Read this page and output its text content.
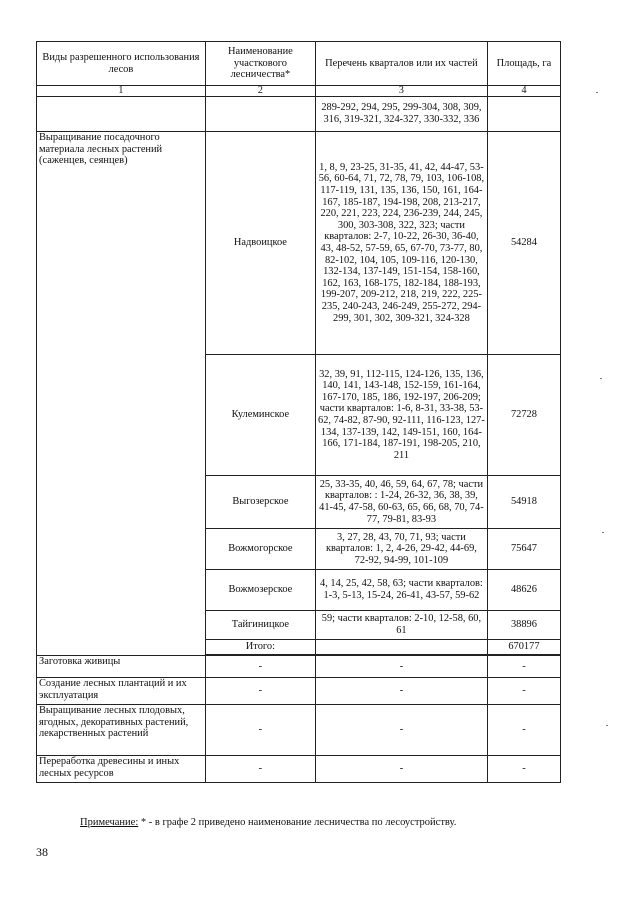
Виды разрешенного использования лесов	Наименование участкового лесничества*	Перечень кварталов или их частей	Площадь, га
1	2	3	4
		289-292, 294, 295, 299-304, 308, 309, 316, 319-321, 324-327, 330-332, 336	
Выращивание посадочного материала лесных растений (саженцев, сеянцев)	Надвоицкое	1, 8, 9, 23-25, 31-35, 41, 42, 44-47, 53-56, 60-64, 71, 72, 78, 79, 103, 106-108, 117-119, 131, 135, 136, 150, 161, 164-167, 185-187, 194-198, 208, 213-217, 220, 221, 223, 224, 236-239, 244, 245, 300, 303-308, 322, 323; части кварталов: 2-7, 10-22, 26-30, 36-40, 43, 48-52, 57-59, 65, 67-70, 73-77, 80, 82-102, 104, 105, 109-116, 120-130, 132-134, 137-149, 151-154, 158-160, 162, 163, 168-175, 182-184, 188-193, 199-207, 209-212, 218, 219, 222, 225-235, 240-243, 246-249, 255-272, 294-299, 301, 302, 309-321, 324-328	54284
	Кулеминское	32, 39, 91, 112-115, 124-126, 135, 136, 140, 141, 143-148, 152-159, 161-164, 167-170, 185, 186, 192-197, 206-209; части кварталов: 1-6, 8-31, 33-38, 53-62, 74-82, 87-90, 92-111, 116-123, 127-134, 137-139, 142, 149-151, 160, 164-166, 171-184, 187-191, 198-205, 210, 211	72728
	Выгозерское	25, 33-35, 40, 46, 59, 64, 67, 78; части кварталов: : 1-24, 26-32, 36, 38, 39, 41-45, 47-58, 60-63, 65, 66, 68, 70, 74-77, 79-81, 83-93	54918
	Вожмогорское	3, 27, 28, 43, 70, 71, 93; части кварталов: 1, 2, 4-26, 29-42, 44-69, 72-92, 94-99, 101-109	75647
	Вожмозерское	4, 14, 25, 42, 58, 63; части кварталов: 1-3, 5-13, 15-24, 26-41, 43-57, 59-62	48626
	Тайгиницкое	59; части кварталов: 2-10, 12-58, 60, 61	38896
	Итого:		670177

Заготовка живицы	-	-	-
Создание лесных плантаций и их эксплуатация	-	-	-
Выращивание лесных плодовых, ягодных, декоративных растений, лекарственных растений	-	-	-
Переработка древесины и иных лесных ресурсов	-	-	-
Примечание: * - в графе 2 приведено наименование лесничества по лесоустройству.
38
